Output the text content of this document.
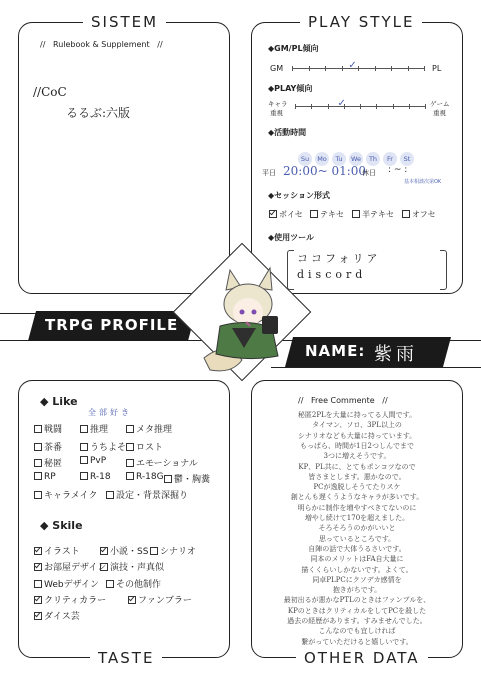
SISTEM
//   Rulebook & Supplement   //
//CoC
るるぶ:六版
PLAY STYLE
◆GM/PL傾向
GM	PL
✓
◆PLAY傾向
キャラ
重視
ゲーム
重視
✓
◆活動時間
Su Mo Tu We Th Fr St
平日 20:00~ 01:00
休日 : ~ :
基本相談次第OK
◆セッション形式
ボイセ	テキセ	半テキセ	オフセ
◆使用ツール
ココフォリア
discord
TASTE	OTHER DATA
TRPG PROFILE
NAME: 紫雨
◆ Like
全部好き
戦闘	推理	メタ推理
茶番	うちよそ	ロスト
秘匿	PvP	エモーショナル
RP	R-18	R-18G	鬱・胸糞
キャラメイク	設定・背景深掘り
◆ Skile
イラスト	小説・SS	シナリオ
お部屋デザイン 演技・声真似
Webデザイン	その他制作
クリティカラー	ファンブラー
ダイス芸
//   Free Commente   //
秘匿2PLを大量に持ってる人間です。
タイマン、ソロ、3PL以上の
シナリオなども大量に持っています。
もっぱら、時間が1日2つしんでまで
3つに増えそうです。
KP、PL共に、とてもポンコツなので
皆さまとします。悪かなので。
PCが逸脱しそうてたりスケ
創とんも遅くうようなキャラが多いです。
明らかに制作を増やすべきてないのに
増やし続けて170を超えました。
そろそろうのかがいいと
思っているところです。
自陣の話で大体うるさいです。
同本のメリットはFA自大量に
描くくらいしかないです。よくて。
同卓PLPCにクソデカ感情を
抱きがちです。
最初出るが悪かなPTLのときはファンブルを、
KPのときはクリティカルをしてPCを殺した
過去の経歴があります。すみませんでした。
こんなのでも宜しければ
繋がっていただけると嬉しいです。
